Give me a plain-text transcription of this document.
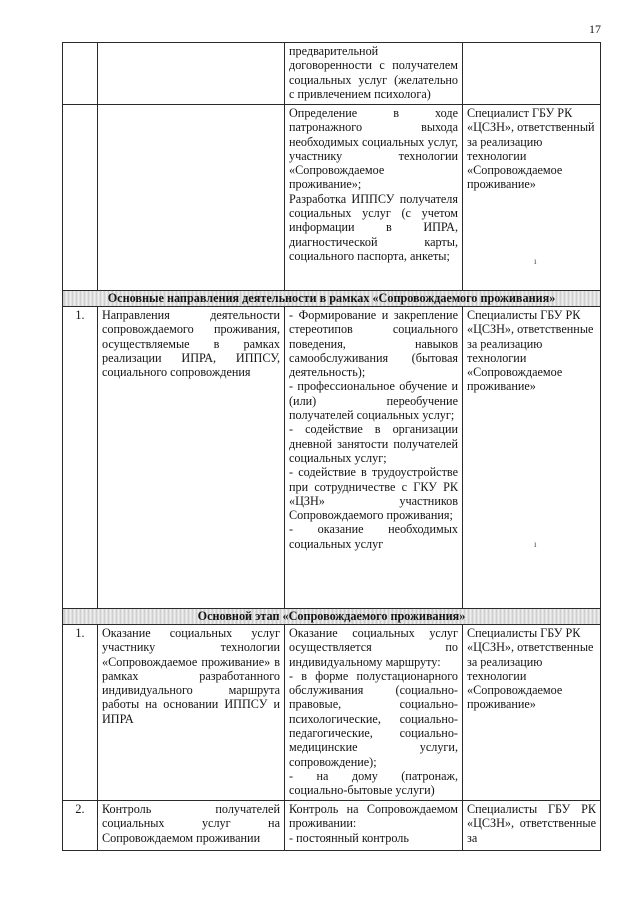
17
		предварительной договоренности с получателем социальных услуг (желательно с привлечением психолога)	

		Определение в ходе патронажного выхода необходимых социальных услуг, участнику технологии «Сопровождаемое проживание»;
Разработка ИППСУ получателя социальных услуг (с учетом информации в ИПРА, диагностической карты, социального паспорта, анкеты;	Специалист ГБУ РК «ЦСЗН», ответственный за реализацию технологии «Сопровождаемое проживание»
Основные направления деятельности в рамках «Сопровождаемого проживания»			
1.	Направления деятельности сопровождаемого проживания, осуществляемые в рамках реализации ИПРА, ИППСУ, социального сопровождения	- Формирование и закрепление стереотипов социального поведения, навыков самообслуживания (бытовая деятельность);
- профессиональное обучение и (или) переобучение получателей социальных услуг;
- содействие в организации дневной занятости получателей социальных услуг;
- содействие в трудоустройстве при сотрудничестве с ГКУ РК «ЦЗН» участников Сопровождаемого проживания;
- оказание необходимых социальных услуг	Специалисты ГБУ РК «ЦСЗН», ответственные за реализацию технологии «Сопровождаемое проживание»
Основной этап «Сопровождаемого проживания»			
1.	Оказание социальных услуг участнику технологии «Сопровождаемое проживание» в рамках разработанного индивидуального маршрута работы на основании ИППСУ и ИПРА	Оказание социальных услуг осуществляется по индивидуальному маршруту:
- в форме полустационарного обслуживания (социально-правовые, социально-психологические, социально-педагогические, социально-медицинские услуги, сопровождение);
- на дому (патронаж, социально-бытовые услуги)	Специалисты ГБУ РК «ЦСЗН», ответственные за реализацию технологии «Сопровождаемое проживание»
2.	Контроль получателей социальных услуг на Сопровождаемом проживании	Контроль на Сопровождаемом проживании:
- постоянный контроль	Специалисты ГБУ РК «ЦСЗН», ответственные за
ı
ı
